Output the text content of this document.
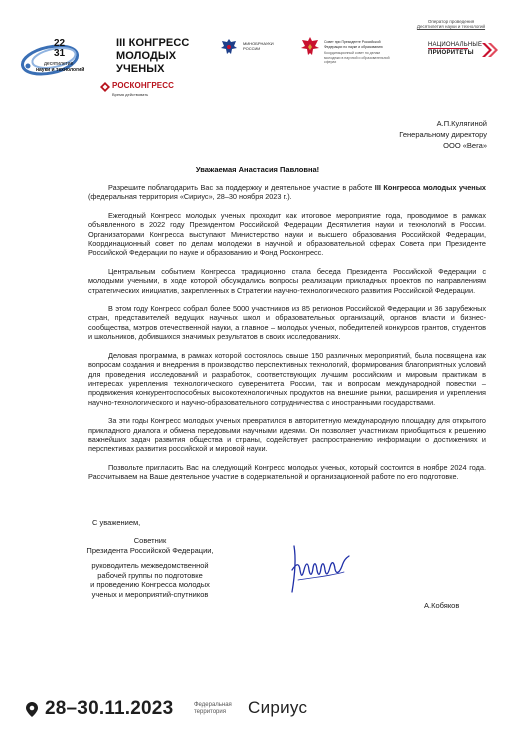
22
31
десятилетие
науки и технологий
III КОНГРЕСС МОЛОДЫХ УЧЕНЫХ
РОСКОНГРЕСС
Время действовать
МИНОБРНАУКИ РОССИИ
Совет при Президенте Российской Федерации по науке и образованию
Координационный совет по делам молодежи в научной и образовательной сферах
Оператор проведения
Десятилетия науки и технологий
НАЦИОНАЛЬНЫЕ
ПРИОРИТЕТЫ
А.П.Кулягиной
Генеральному директору
ООО «Вега»
Уважаемая Анастасия Павловна!

Разрешите поблагодарить Вас за поддержку и деятельное участие в работе III Конгресса молодых ученых (федеральная территория «Сириус», 28–30 ноября 2023 г.).

Ежегодный Конгресс молодых ученых проходит как итоговое мероприятие года, проводимое в рамках объявленного в 2022 году Президентом Российской Федерации Десятилетия науки и технологий в России. Организаторами Конгресса выступают Министерство науки и высшего образования Российской Федерации, Координационный совет по делам молодежи в научной и образовательной сферах Совета при Президенте Российской Федерации по науке и образованию и Фонд Росконгресс.

Центральным событием Конгресса традиционно стала беседа Президента Российской Федерации с молодыми учеными, в ходе которой обсуждались вопросы реализации прикладных проектов по направлениям стратегических инициатив, закрепленных в Стратегии научно-технологического развития Российской Федерации.

В этом году Конгресс собрал более 5000 участников из 85 регионов Российской Федерации и 36 зарубежных стран, представителей ведущих научных школ и образовательных организаций, органов власти и бизнес-сообщества, мэтров отечественной науки, а главное – молодых ученых, победителей конкурсов грантов, студентов и школьников, добившихся значимых результатов в своих исследованиях.

Деловая программа, в рамках которой состоялось свыше 150 различных мероприятий, была посвящена как вопросам создания и внедрения в производство перспективных технологий, формирования благоприятных условий для проведения исследований и разработок, соответствующих лучшим российским и мировым практикам в интересах укрепления технологического суверенитета России, так и вопросам международной повестки – продвижения конкурентоспособных высокотехнологичных продуктов на внешние рынки, расширения и укрепления научно-технологического и научно-образовательного сотрудничества с иностранными государствами.

За эти годы Конгресс молодых ученых превратился в авторитетную международную площадку для открытого прикладного диалога и обмена передовыми научными идеями. Он позволяет участникам приобщиться к решению важнейших задач развития общества и страны, содействует распространению информации о достижениях и перспективах развития российской и мировой науки.

Позвольте пригласить Вас на следующий Конгресс молодых ученых, который состоится в ноябре 2024 года. Рассчитываем на Ваше деятельное участие в содержательной и организационной работе по его подготовке.

С уважением,
Советник
Президента Российской Федерации,
руководитель межведомственной
рабочей группы по подготовке
и проведению Конгресса молодых
ученых и мероприятий-спутников
А.Кобяков
28–30.11.2023	Федеральная
территория	Сириус
